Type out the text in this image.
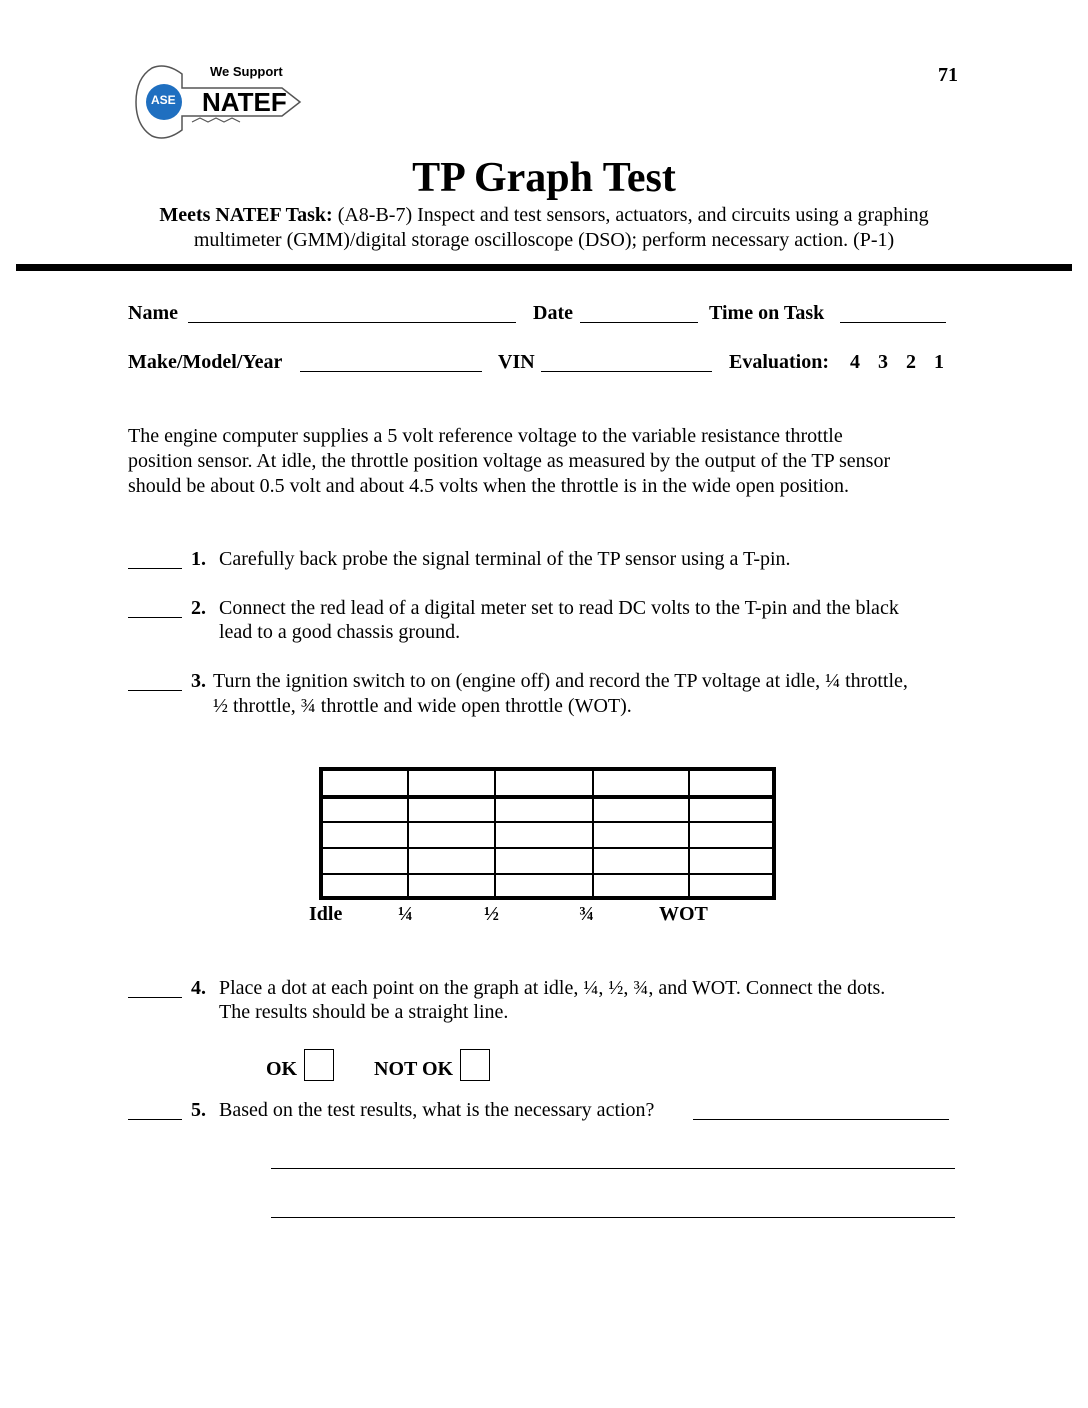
71
ASE
We Support
NATEF
TP Graph Test
Meets NATEF Task: (A8-B-7) Inspect and test sensors, actuators, and circuits using a graphing
multimeter (GMM)/digital storage oscilloscope (DSO); perform necessary action. (P-1)
Name	Date	Time on Task
Make/Model/Year	VIN	Evaluation: 4 3 2 1
The engine computer supplies a 5 volt reference voltage to the variable resistance throttle
position sensor. At idle, the throttle position voltage as measured by the output of the TP sensor
should be about 0.5 volt and about 4.5 volts when the throttle is in the wide open position.
1. Carefully back probe the signal terminal of the TP sensor using a T-pin.
2. Connect the red lead of a digital meter set to read DC volts to the T-pin and the black
lead to a good chassis ground.
3. Turn the ignition switch to on (engine off) and record the TP voltage at idle, ¼ throttle,
½ throttle, ¾ throttle and wide open throttle (WOT).
Idle	¼	½	¾	WOT
4. Place a dot at each point on the graph at idle, ¼, ½, ¾, and WOT. Connect the dots.
The results should be a straight line.
OK	NOT OK
5. Based on the test results, what is the necessary action?
